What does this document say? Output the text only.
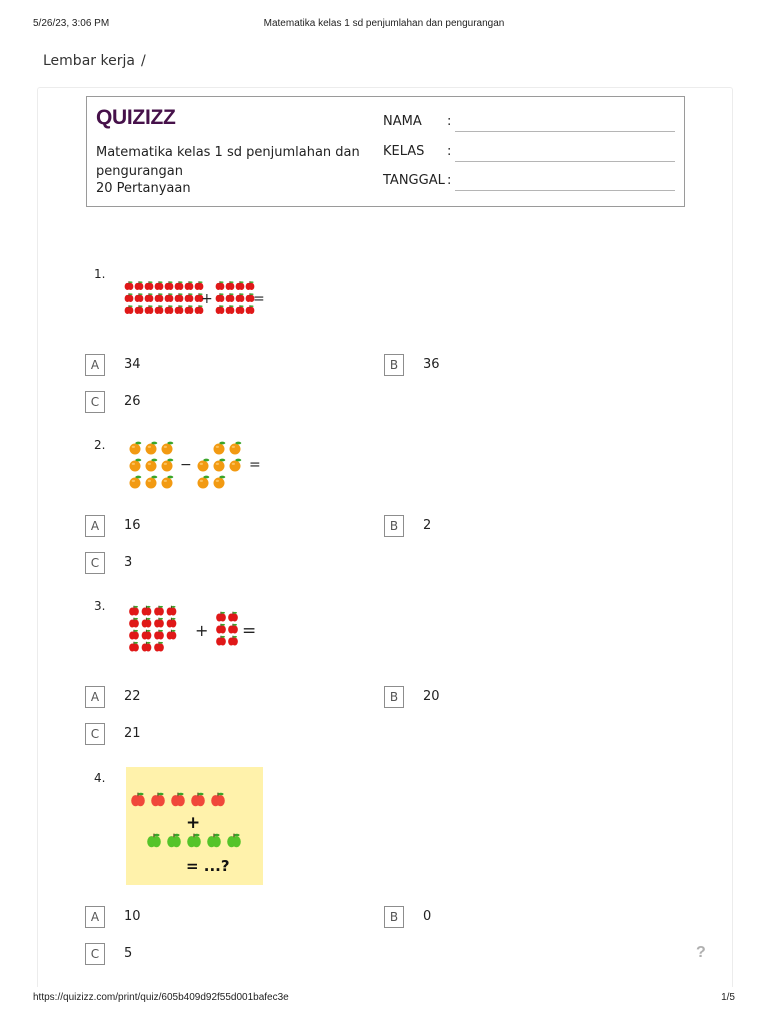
5/26/23, 3:06 PM	Matematika kelas 1 sd penjumlahan dan pengurangan
Lembar kerja /
QUIZIZZ
Matematika kelas 1 sd penjumlahan dan pengurangan
20 Pertanyaan
NAMA :
KELAS :
TANGGAL :
1.
+	=
A	34	B	36
C	26
2.
−	=
A	16	B	2
C	3
3.
+ =
A	22	B	20
C	21
4.
+
= ...?
A	10	B	0
C	5	?
https://quizizz.com/print/quiz/605b409d92f55d001bafec3e	1/5
